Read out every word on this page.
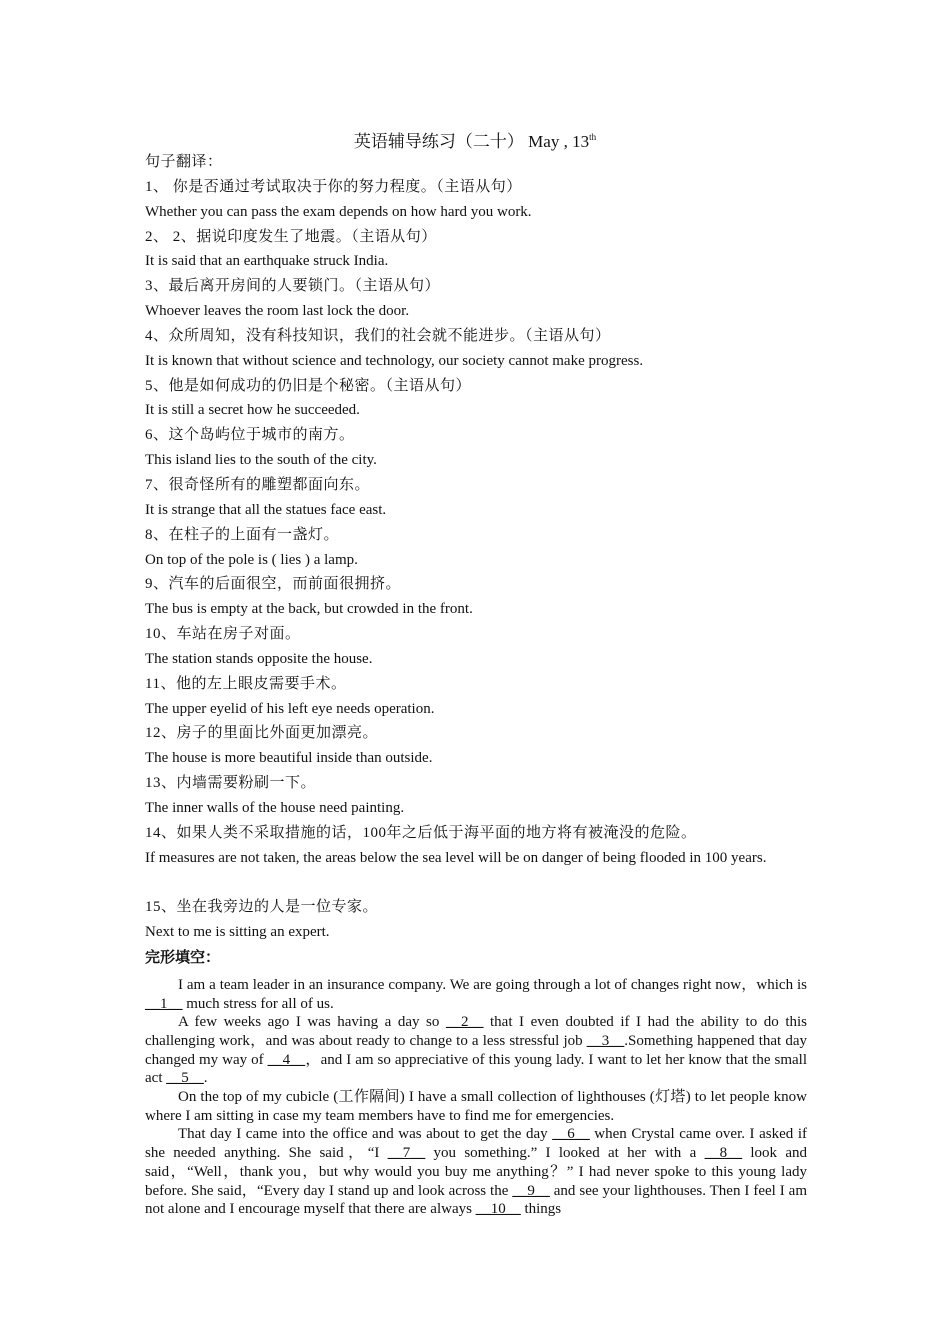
英语辅导练习（二十） May , 13th
句子翻译：
1、 你是否通过考试取决于你的努力程度。（主语从句）
Whether you can pass the exam depends on how hard you work.
2、 2、据说印度发生了地震。（主语从句）
It is said that an earthquake struck India.
3、最后离开房间的人要锁门。（主语从句）
Whoever leaves the room last lock the door.
4、众所周知，没有科技知识，我们的社会就不能进步。（主语从句）
It is known that without science and technology, our society cannot make progress.
5、他是如何成功的仍旧是个秘密。（主语从句）
It is still a secret how he succeeded.
6、这个岛屿位于城市的南方。
This island lies to the south of the city.
7、很奇怪所有的雕塑都面向东。
It is strange that all the statues face east.
8、在柱子的上面有一盏灯。
On top of the pole is ( lies ) a lamp.
9、汽车的后面很空，而前面很拥挤。
The bus is empty at the back, but crowded in the front.
10、车站在房子对面。
The station stands opposite the house.
11、他的左上眼皮需要手术。
The upper eyelid of his left eye needs operation.
12、房子的里面比外面更加漂亮。
The house is more beautiful inside than outside.
13、内墙需要粉刷一下。
The inner walls of the house need painting.
14、如果人类不采取措施的话，100年之后低于海平面的地方将有被淹没的危险。
If measures are not taken, the areas below the sea level will be on danger of being flooded in 100 years.
15、坐在我旁边的人是一位专家。
Next to me is sitting an expert.
完形填空：

I am a team leader in an insurance company. We are going through a lot of changes right now，which is __1__ much stress for all of us.

A few weeks ago I was having a day so __2__ that I even doubted if I had the ability to do this challenging work，and was about ready to change to a less stressful job __3__.Something happened that day changed my way of __4__，and I am so appreciative of this young lady. I want to let her know that the small act __5__.

On the top of my cubicle (工作隔间) I have a small collection of lighthouses (灯塔) to let people know where I am sitting in case my team members have to find me for emergencies.

That day I came into the office and was about to get the day __6__ when Crystal came over. I asked if she needed anything. She said，“I __7__ you something.” I looked at her with a __8__ look and said，“Well，thank you，but why would you buy me anything？” I had never spoke to this young lady before. She said，“Every day I stand up and look across the __9__ and see your lighthouses. Then I feel I am not alone and I encourage myself that there are always __10__ things
